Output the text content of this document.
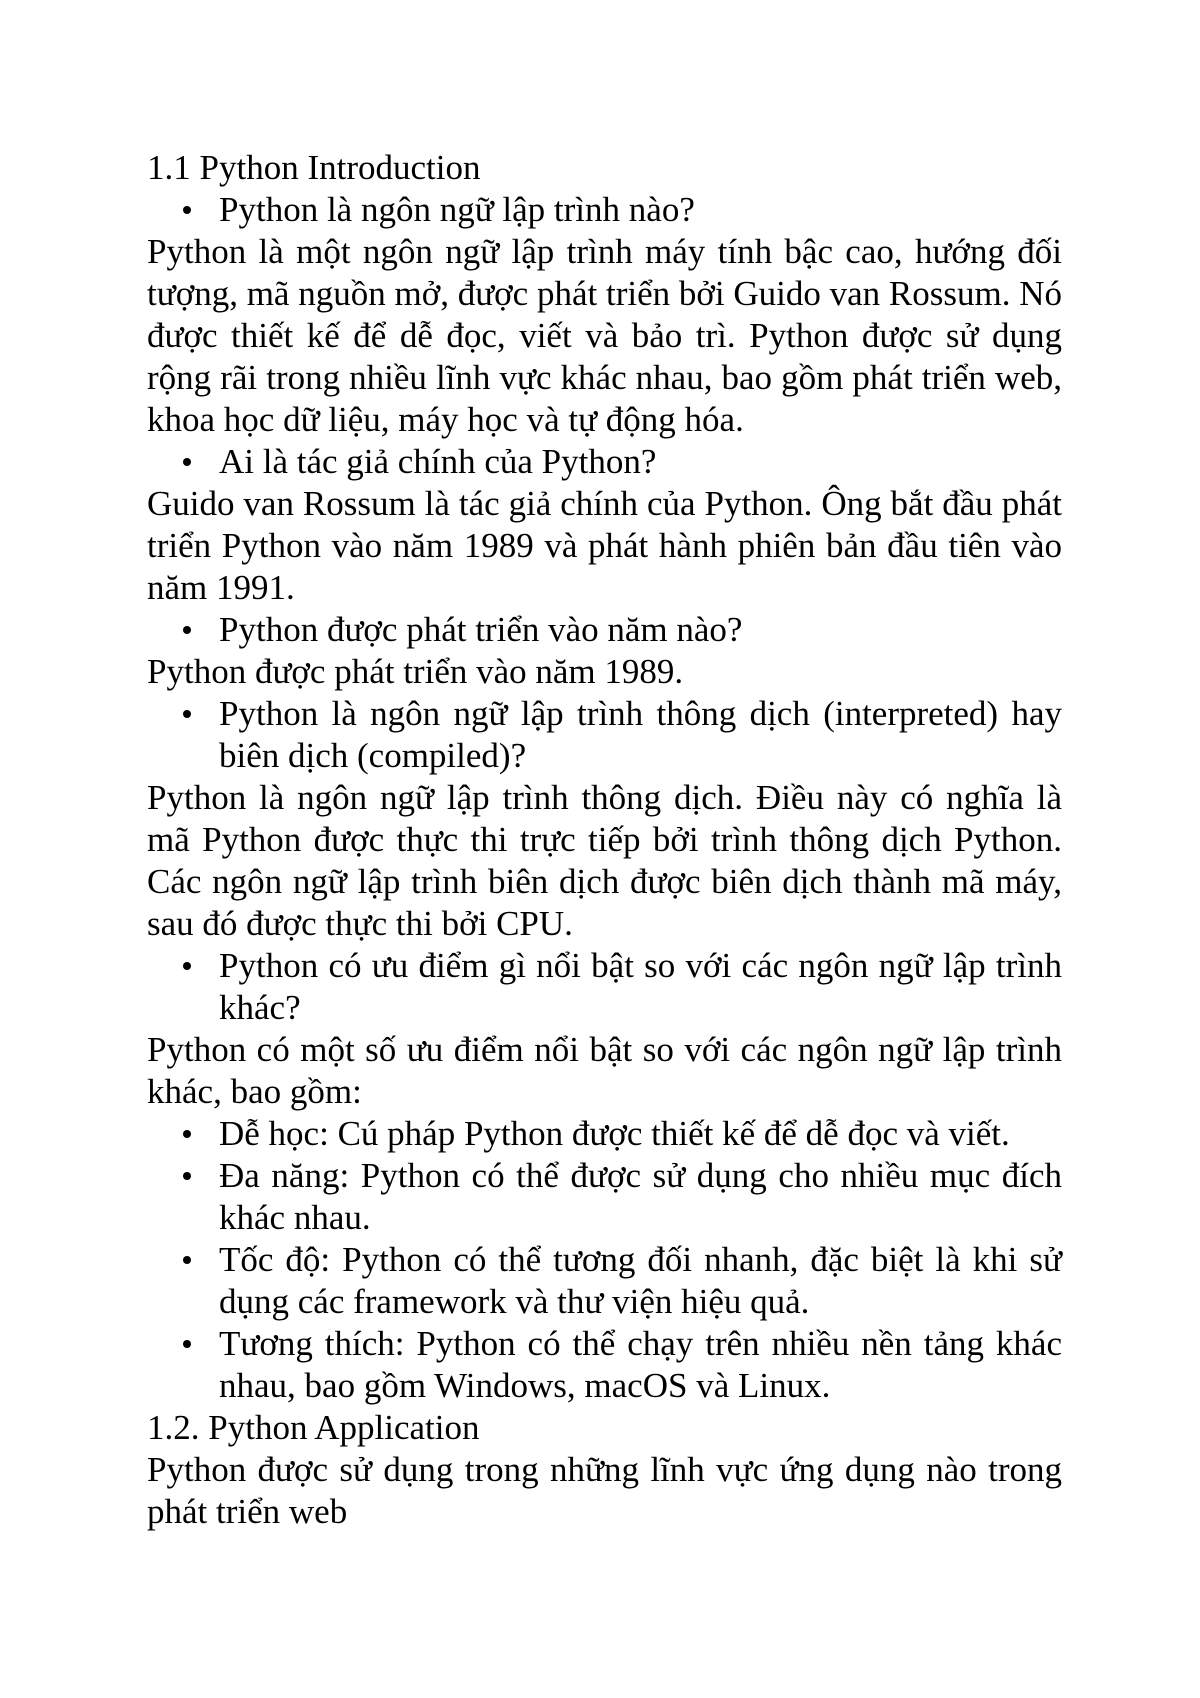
1.1 Python Introduction

Python là ngôn ngữ lập trình nào?

Python là một ngôn ngữ lập trình máy tính bậc cao, hướng đối tượng, mã nguồn mở, được phát triển bởi Guido van Rossum. Nó được thiết kế để dễ đọc, viết và bảo trì. Python được sử dụng rộng rãi trong nhiều lĩnh vực khác nhau, bao gồm phát triển web, khoa học dữ liệu, máy học và tự động hóa.

Ai là tác giả chính của Python?

Guido van Rossum là tác giả chính của Python. Ông bắt đầu phát triển Python vào năm 1989 và phát hành phiên bản đầu tiên vào năm 1991.

Python được phát triển vào năm nào?

Python được phát triển vào năm 1989.

Python là ngôn ngữ lập trình thông dịch (interpreted) hay biên dịch (compiled)?

Python là ngôn ngữ lập trình thông dịch. Điều này có nghĩa là mã Python được thực thi trực tiếp bởi trình thông dịch Python. Các ngôn ngữ lập trình biên dịch được biên dịch thành mã máy, sau đó được thực thi bởi CPU.

Python có ưu điểm gì nổi bật so với các ngôn ngữ lập trình khác?

Python có một số ưu điểm nổi bật so với các ngôn ngữ lập trình khác, bao gồm:

Dễ học: Cú pháp Python được thiết kế để dễ đọc và viết.
Đa năng: Python có thể được sử dụng cho nhiều mục đích khác nhau.
Tốc độ: Python có thể tương đối nhanh, đặc biệt là khi sử dụng các framework và thư viện hiệu quả.
Tương thích: Python có thể chạy trên nhiều nền tảng khác nhau, bao gồm Windows, macOS và Linux.

1.2. Python Application

Python được sử dụng trong những lĩnh vực ứng dụng nào trong phát triển web
